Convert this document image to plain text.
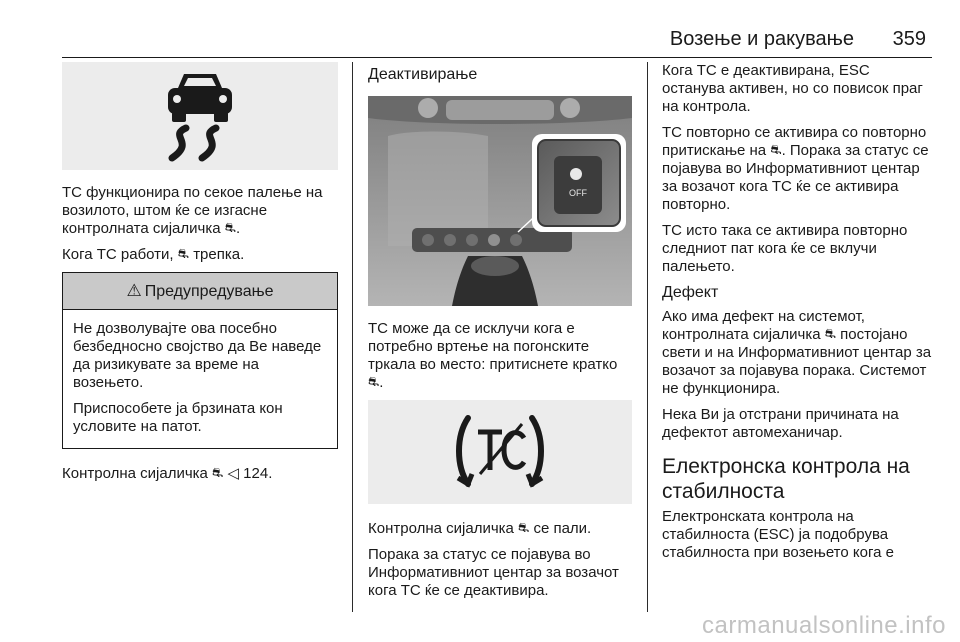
Возење и ракување 359

TC функционира по секое палење на возилото, штом ќе се изгасне контролната сијаличка ⛐.

Кога TC работи, ⛐ трепка.

⚠ Предупредување

Не дозволувајте ова посебно безбедносно својство да Ве наведе да ризикувате за време на возењето.

Приспособете ја брзината кон условите на патот.

Контролна сијаличка ⛐ ◁ 124.

Деактивирање
OFF

TC може да се исклучи кога е потребно вртење на погонските тркала во место: притиснете кратко ⛐.

Контролна сијаличка ⛐ се пали.

Порака за статус се појавува во Информативниот центар за возачот кога TC ќе се деактивира.

Кога TC е деактивирана, ESC останува активен, но со повисок праг на контрола.

TC повторно се активира со повторно притискање на ⛐. Порака за статус се појавува во Информативниот центар за возачот кога TC ќе се активира повторно.

TC исто така се активира повторно следниот пат кога ќе се вклучи палењето.

Дефект

Ако има дефект на системот, контролната сијаличка ⛐ постојано свети и на Информативниот центар за возачот за појавува порака. Системот не функционира.

Нека Ви ја отстрани причината на дефектот автомеханичар.

Електронска контрола на стабилноста

Електронската контрола на стабилноста (ESC) ја подобрува стабилноста при возењето кога е

carmanualsonline.info
